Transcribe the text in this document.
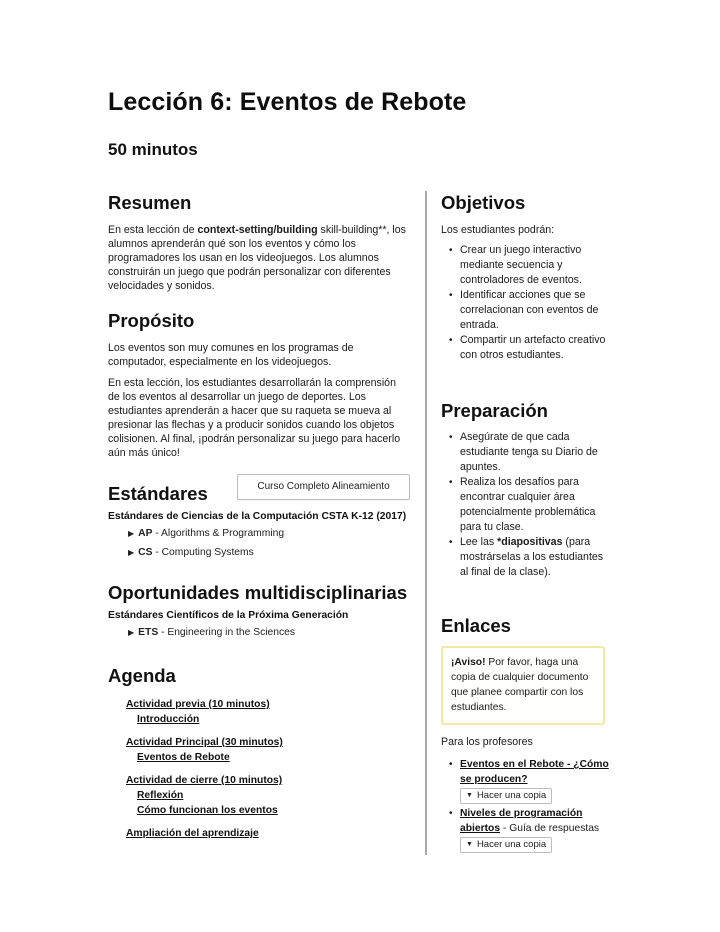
Lección 6: Eventos de Rebote
50 minutos
Resumen

En esta lección de context-setting/building skill-building**, los alumnos aprenderán qué son los eventos y cómo los programadores los usan en los videojuegos. Los alumnos construirán un juego que podrán personalizar con diferentes velocidades y sonidos.

Propósito

Los eventos son muy comunes en los programas de computador, especialmente en los videojuegos.

En esta lección, los estudiantes desarrollarán la comprensión de los eventos al desarrollar un juego de deportes. Los estudiantes aprenderán a hacer que su raqueta se mueva al presionar las flechas y a producir sonidos cuando los objetos colisionen. Al final, ¡podrán personalizar su juego para hacerlo aún más único!

Curso Completo Alineamiento
Estándares
Estándares de Ciencias de la Computación CSTA K-12 (2017)
▶ AP - Algorithms & Programming
▶ CS - Computing Systems
Oportunidades multidisciplinarias
Estándares Científicos de la Próxima Generación
▶ ETS - Engineering in the Sciences
Agenda
Actividad previa (10 minutos)
Introducción
Actividad Principal (30 minutos)
Eventos de Rebote
Actividad de cierre (10 minutos)
Reflexión
Cómo funcionan los eventos
Ampliación del aprendizaje
Objetivos

Los estudiantes podrán:

• Crear un juego interactivo mediante secuencia y controladores de eventos.
• Identificar acciones que se correlacionan con eventos de entrada.
• Compartir un artefacto creativo con otros estudiantes.
Preparación
• Asegúrate de que cada estudiante tenga su Diario de apuntes.
• Realiza los desafíos para encontrar cualquier área potencialmente problemática para tu clase.
• Lee las *diapositivas (para mostrárselas a los estudiantes al final de la clase).
Enlaces
¡Aviso! Por favor, haga una copia de cualquier documento que planee compartir con los estudiantes.
Para los profesores
• Eventos en el Rebote - ¿Cómo se producen?
▼ Hacer una copia
• Niveles de programación abiertos - Guía de respuestas
▼ Hacer una copia
